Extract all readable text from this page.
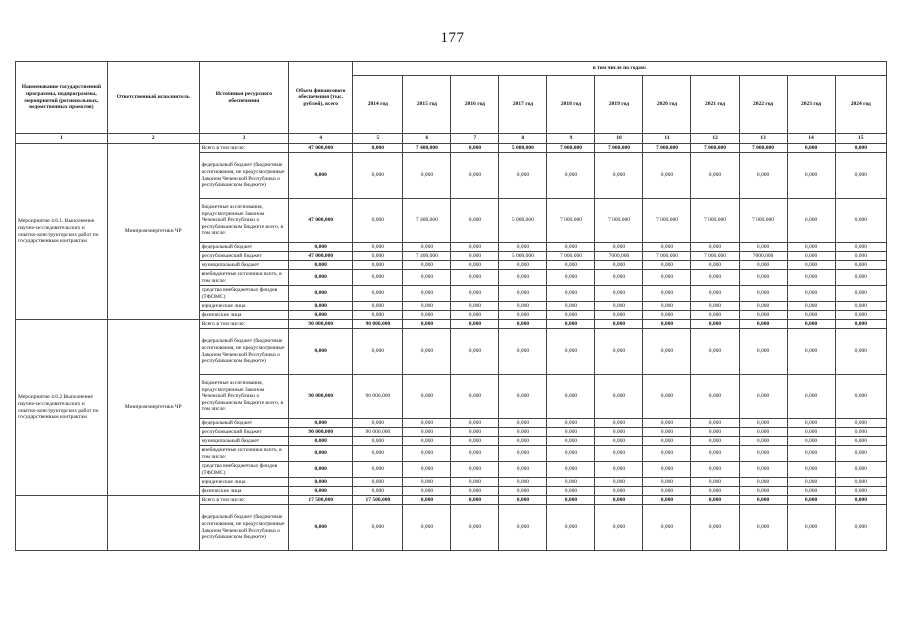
177
Наименование государственной программы, подпрограммы, мероприятий (региональных, ведомственных проектов)	Ответственный исполнитель	Источники ресурсного обеспечения	Объем финансового обеспечения (тыс. рублей), всего	в том числе по годам:										
				2014 год	2015 год	2016 год	2017 год	2018 год	2019 год	2020 год	2021 год	2022 год	2023 год	2024 год
1	2	3	4	5	6	7	8	9	10	11	12	13	14	15
Мероприятие 4.6.1. Выполнение научно-исследовательских и опытно-конструкторских работ по государственным контрактам	Минпромэнергетики ЧР	Всего в том числе:	47 000,000	0,000	7 400,000	0,000	5 000,000	7 000,000	7 000,000	7 000,000	7 000,000	7 000,000	0,000	0,000
		федеральный бюджет (бюджетные ассигнования, не предусмотренные Законом Чеченской Республики о республиканском бюджете)	0,000	0,000	0,000	0,000	0,000	0,000	0,000	0,000	0,000	0,000	0,000	0,000
		бюджетные ассигнования, предусмотренные Законом Чеченской Республики о республиканском бюджете всего, в том числе:	47 000,000	0,000	7 400,000	0,000	5 000,000	7 000,000	7 000,000	7 000,000	7 000,000	7 000,000	0,000	0,000
		федеральный бюджет	0,000	0,000	0,000	0,000	0,000	0,000	0,000	0,000	0,000	0,000	0,000	0,000
		республиканский бюджет	47 000,000	0,000	7 400,000	0,000	5 000,000	7 000,000	7000,000	7 000,000	7 000,000	7000,000	0,000	0,000
		муниципальный бюджет	0,000	0,000	0,000	0,000	0,000	0,000	0,000	0,000	0,000	0,000	0,000	0,000
		внебюджетные источники всего, в том числе:	0,000	0,000	0,000	0,000	0,000	0,000	0,000	0,000	0,000	0,000	0,000	0,000
		средства внебюджетных фондов (ТФОМС)	0,000	0,000	0,000	0,000	0,000	0,000	0,000	0,000	0,000	0,000	0,000	0,000
		юридические лица	0,000	0,000	0,000	0,000	0,000	0,000	0,000	0,000	0,000	0,000	0,000	0,000
		физические лица	0,000	0,000	0,000	0,000	0,000	0,000	0,000	0,000	0,000	0,000	0,000	0,000
Мероприятие 4.6.2 Выполнение научно-исследовательских и опытно-конструкторских работ по государственным контрактам	Минпромэнергетики ЧР	Всего в том числе:	90 000,000	90 000,000	0,000	0,000	0,000	0,000	0,000	0,000	0,000	0,000	0,000	0,000
		федеральный бюджет (бюджетные ассигнования, не предусмотренные Законом Чеченской Республики о республиканском бюджете)	0,000	0,000	0,000	0,000	0,000	0,000	0,000	0,000	0,000	0,000	0,000	0,000
		бюджетные ассигнования, предусмотренные Законом Чеченской Республики о республиканском бюджете всего, в том числе:	90 000,000	90 000,000	0,000	0,000	0,000	0,000	0,000	0,000	0,000	0,000	0,000	0,000
		федеральный бюджет	0,000	0,000	0,000	0,000	0,000	0,000	0,000	0,000	0,000	0,000	0,000	0,000
		республиканский бюджет	90 000,000	90 000,000	0,000	0,000	0,000	0,000	0,000	0,000	0,000	0,000	0,000	0,000
		муниципальный бюджет	0,000	0,000	0,000	0,000	0,000	0,000	0,000	0,000	0,000	0,000	0,000	0,000
		внебюджетные источники всего, в том числе:	0,000	0,000	0,000	0,000	0,000	0,000	0,000	0,000	0,000	0,000	0,000	0,000
		средства внебюджетных фондов (ТФОМС)	0,000	0,000	0,000	0,000	0,000	0,000	0,000	0,000	0,000	0,000	0,000	0,000
		юридические лица	0,000	0,000	0,000	0,000	0,000	0,000	0,000	0,000	0,000	0,000	0,000	0,000
		физические лица	0,000	0,000	0,000	0,000	0,000	0,000	0,000	0,000	0,000	0,000	0,000	0,000
		Всего в том числе:	17 500,000	17 500,000	0,000	0,000	0,000	0,000	0,000	0,000	0,000	0,000	0,000	0,000
		федеральный бюджет (бюджетные ассигнования, не предусмотренные Законом Чеченской Республики о республиканском бюджете)	0,000	0,000	0,000	0,000	0,000	0,000	0,000	0,000	0,000	0,000	0,000	0,000
